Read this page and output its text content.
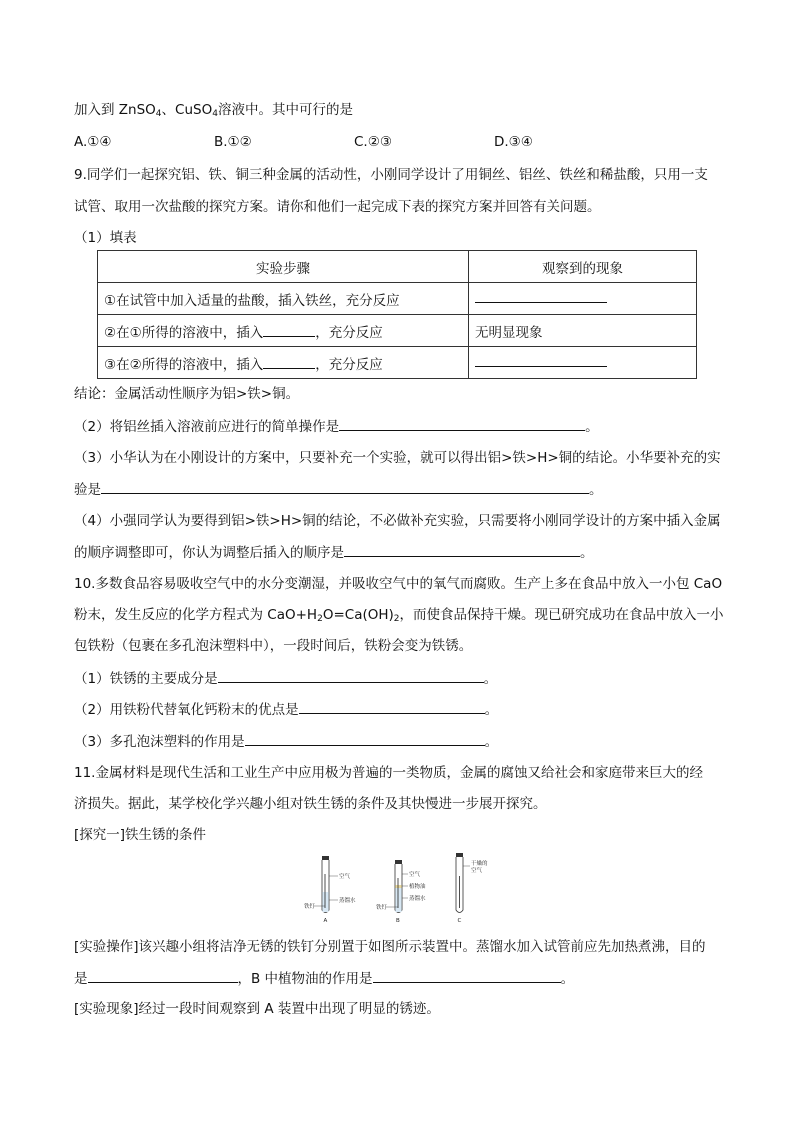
加入到 ZnSO$_4$、CuSO$_4$溶液中。其中可行的是
A.①④	B.①②	C.②③	D.③④
9.同学们一起探究铝、铁、铜三种金属的活动性，小刚同学设计了用铜丝、铝丝、铁丝和稀盐酸，只用一支
试管、取用一次盐酸的探究方案。请你和他们一起完成下表的探究方案并回答有关问题。
（1）填表
实验步骤	观察到的现象
①在试管中加入适量的盐酸，插入铁丝，充分反应	
②在①所得的溶液中，插入 ，充分反应	无明显现象
③在②所得的溶液中，插入 ，充分反应	
结论：金属活动性顺序为铝>铁>铜。
（2）将铝丝插入溶液前应进行的简单操作是	。
（3）小华认为在小刚设计的方案中，只要补充一个实验，就可以得出铝>铁>H>铜的结论。小华要补充的实
验是	。
（4）小强同学认为要得到铝>铁>H>铜的结论，不必做补充实验，只需要将小刚同学设计的方案中插入金属
的顺序调整即可，你认为调整后插入的顺序是	。
10.多数食品容易吸收空气中的水分变潮湿，并吸收空气中的氧气而腐败。生产上多在食品中放入一小包 CaO
粉末，发生反应的化学方程式为 $CaO+H_2O=Ca(OH)_2$，而使食品保持干燥。现已研究成功在食品中放入一小
包铁粉（包裹在多孔泡沫塑料中），一段时间后，铁粉会变为铁锈。
（1）铁锈的主要成分是	。
（2）用铁粉代替氧化钙粉末的优点是	。
（3）多孔泡沫塑料的作用是	。
11.金属材料是现代生活和工业生产中应用极为普遍的一类物质，金属的腐蚀又给社会和家庭带来巨大的经
济损失。据此，某学校化学兴趣小组对铁生锈的条件及其快慢进一步展开探究。
[探究一]铁生锈的条件
空气
蒸馏水
铁钉
A
空气
植物油
蒸馏水
铁钉
B
干燥的
空气
C
[实验操作]该兴趣小组将洁净无锈的铁钉分别置于如图所示装置中。蒸馏水加入试管前应先加热煮沸，目的
是	，B 中植物油的作用是	。
[实验现象]经过一段时间观察到 A 装置中出现了明显的锈迹。
